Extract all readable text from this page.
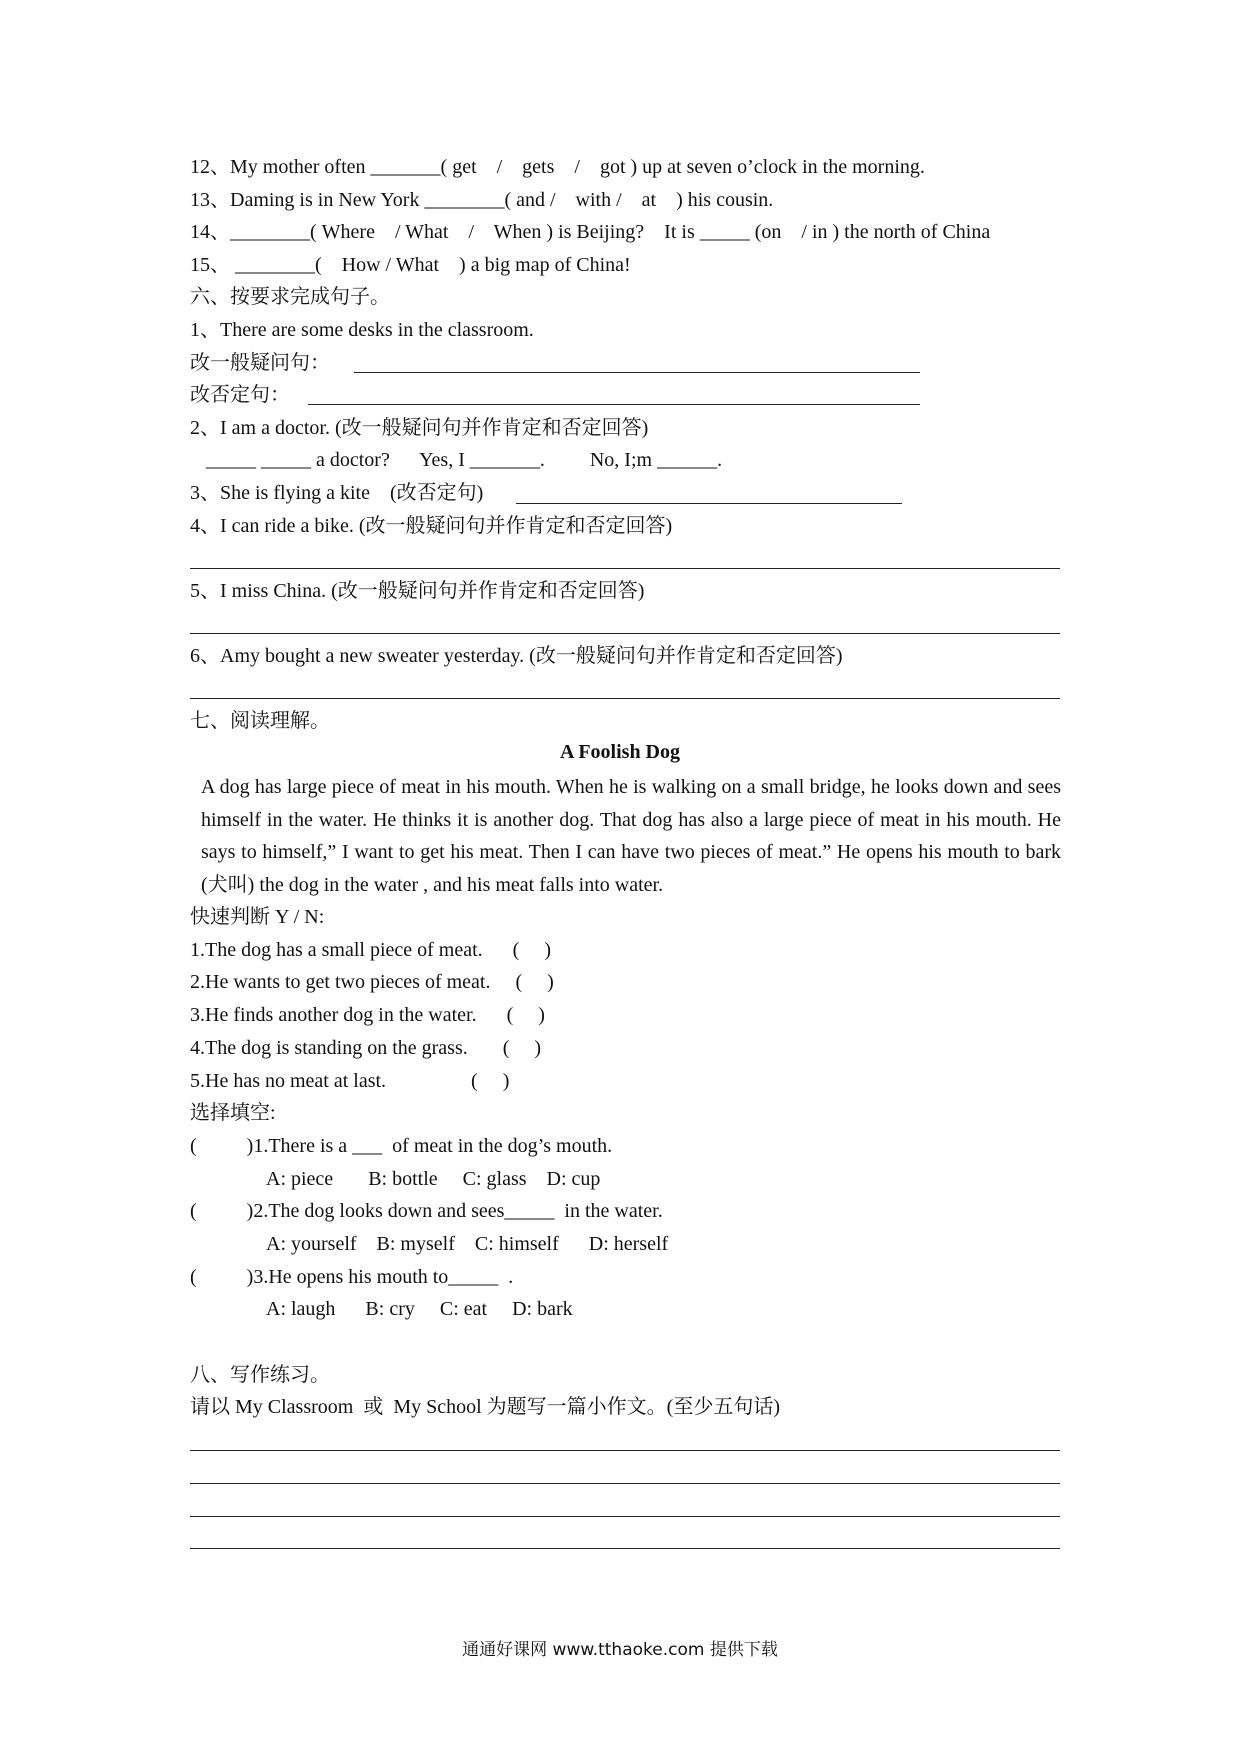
12、My mother often _______( get    /    gets    /    got ) up at seven o’clock in the morning.
13、Daming is in New York ________( and /    with /    at    ) his cousin.
14、________( Where    / What    /    When ) is Beijing?    It is _____ (on    / in ) the north of China
15、 ________(    How / What    ) a big map of China!
六、按要求完成句子。
1、There are some desks in the classroom.
改一般疑问句：
改否定句：
2、I am a doctor. (改一般疑问句并作肯定和否定回答)
_____ _____ a doctor?      Yes, I _______.         No, I;m ______.
3、She is flying a kite    (改否定句)
4、I can ride a bike. (改一般疑问句并作肯定和否定回答)
5、I miss China. (改一般疑问句并作肯定和否定回答)
6、Amy bought a new sweater yesterday. (改一般疑问句并作肯定和否定回答)
七、阅读理解。
A Foolish Dog
A dog has large piece of meat in his mouth. When he is walking on a small bridge, he looks down and sees himself in the water. He thinks it is another dog. That dog has also a large piece of meat in his mouth. He says to himself,” I want to get his meat. Then I can have two pieces of meat.” He opens his mouth to bark (犬叫) the dog in the water , and his meat falls into water.
快速判断 Y / N:
1.The dog has a small piece of meat.      (     )
2.He wants to get two pieces of meat.     (     )
3.He finds another dog in the water.      (     )
4.The dog is standing on the grass.       (     )
5.He has no meat at last.                 (     )
选择填空:
(          )1.There is a ___  of meat in the dog’s mouth.
A: piece       B: bottle     C: glass    D: cup
(          )2.The dog looks down and sees_____  in the water.
A: yourself    B: myself    C: himself      D: herself
(          )3.He opens his mouth to_____  .
A: laugh      B: cry     C: eat     D: bark
八、写作练习。
请以 My Classroom  或  My School 为题写一篇小作文。(至少五句话)
通通好课网 www.tthaoke.com 提供下载
